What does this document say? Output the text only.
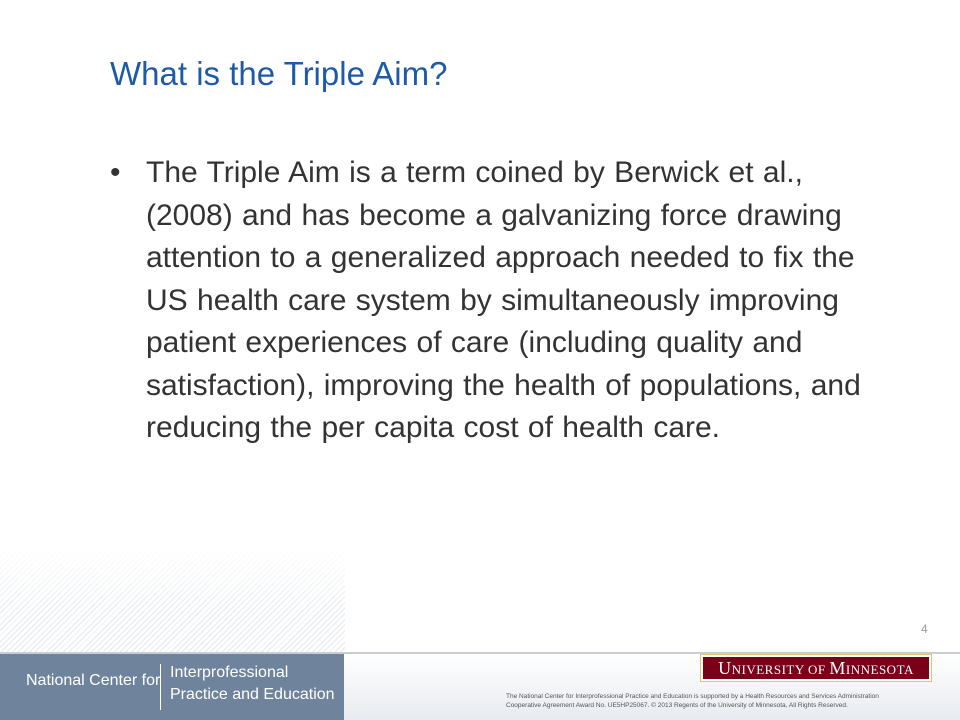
What is the Triple Aim?
• The Triple Aim is a term coined by Berwick et al., (2008) and has become a galvanizing force drawing attention to a generalized approach needed to fix the US health care system by simultaneously improving patient experiences of care (including quality and satisfaction), improving the health of populations, and reducing the per capita cost of health care.
4
National Center for Interprofessional
Practice and Education
UNIVERSITY OF MINNESOTA
The National Center for Interprofessional Practice and Education is supported by a Health Resources and Services Administration
Cooperative Agreement Award No. UE5HP25067. © 2013 Regents of the University of Minnesota, All Rights Reserved.
